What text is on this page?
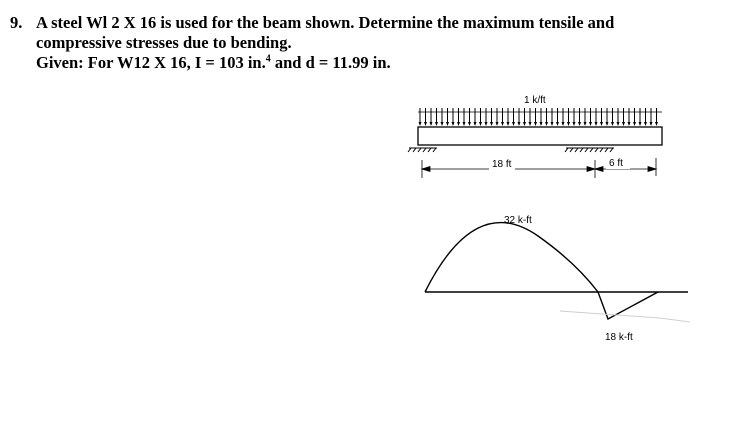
9. A steel Wl 2 X 16 is used for the beam shown. Determine the maximum tensile and
compressive stresses due to bending.
Given: For W12 X 16, I = 103 in.$^4$ and d = 11.99 in.
1 k/ft
18 ft	6 ft
32 k-ft
18 k-ft
